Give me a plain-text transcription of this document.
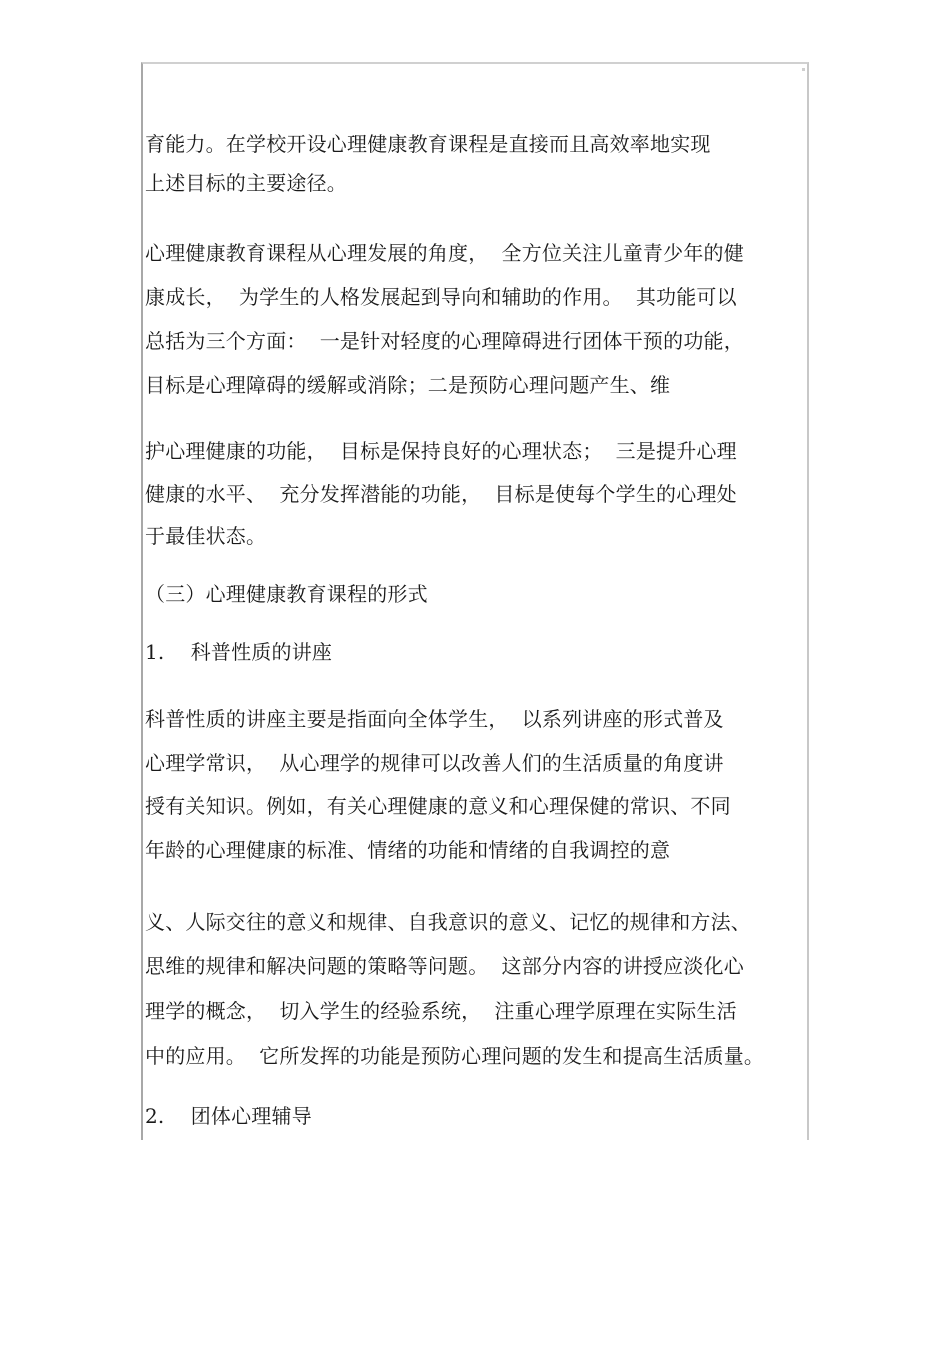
育能力。在学校开设心理健康教育课程是直接而且高效率地实现
上述目标的主要途径。
心理健康教育课程从心理发展的角度，  全方位关注儿童青少年的健
康成长，  为学生的人格发展起到导向和辅助的作用。  其功能可以
总括为三个方面：  一是针对轻度的心理障碍进行团体干预的功能，
目标是心理障碍的缓解或消除；二是预防心理问题产生、维
护心理健康的功能，  目标是保持良好的心理状态；  三是提升心理
健康的水平、  充分发挥潜能的功能，  目标是使每个学生的心理处
于最佳状态。
（三）心理健康教育课程的形式
1.    科普性质的讲座
科普性质的讲座主要是指面向全体学生，  以系列讲座的形式普及
心理学常识，  从心理学的规律可以改善人们的生活质量的角度讲
授有关知识。例如，有关心理健康的意义和心理保健的常识、不同
年龄的心理健康的标准、情绪的功能和情绪的自我调控的意
义、人际交往的意义和规律、自我意识的意义、记忆的规律和方法、
思维的规律和解决问题的策略等问题。  这部分内容的讲授应淡化心
理学的概念，  切入学生的经验系统，  注重心理学原理在实际生活
中的应用。  它所发挥的功能是预防心理问题的发生和提高生活质量。
2.    团体心理辅导
